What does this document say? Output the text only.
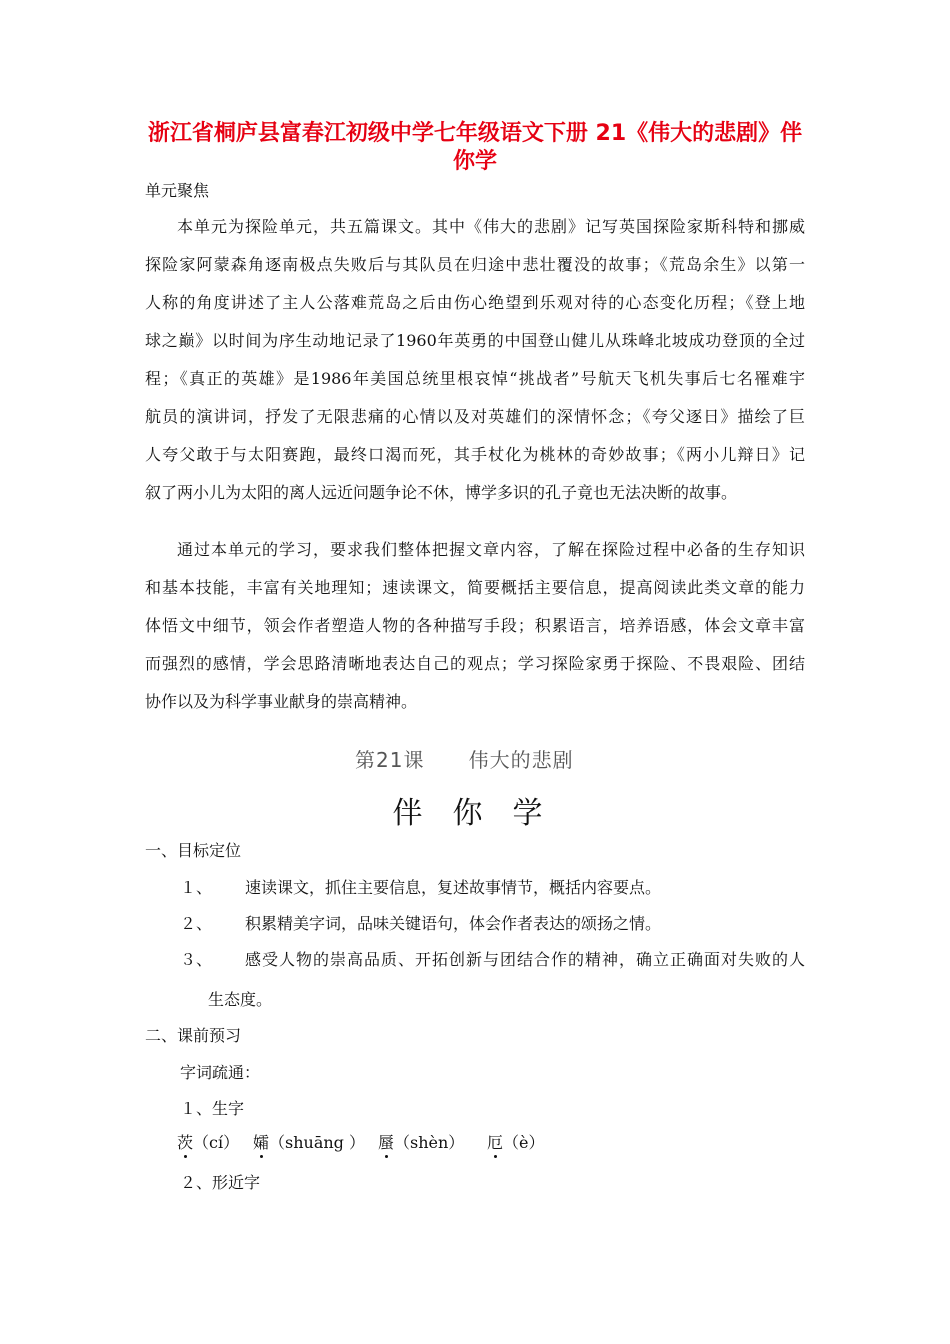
浙江省桐庐县富春江初级中学七年级语文下册 21《伟大的悲剧》伴
你学
单元聚焦
本单元为探险单元，共五篇课文。其中《伟大的悲剧》记写英国探险家斯科特和挪威
探险家阿蒙森角逐南极点失败后与其队员在归途中悲壮覆没的故事；《荒岛余生》以第一
人称的角度讲述了主人公落难荒岛之后由伤心绝望到乐观对待的心态变化历程；《登上地
球之巅》以时间为序生动地记录了1960年英勇的中国登山健儿从珠峰北坡成功登顶的全过
程；《真正的英雄》是1986年美国总统里根哀悼“挑战者”号航天飞机失事后七名罹难宇
航员的演讲词，抒发了无限悲痛的心情以及对英雄们的深情怀念；《夸父逐日》描绘了巨
人夸父敢于与太阳赛跑，最终口渴而死，其手杖化为桃林的奇妙故事；《两小儿辩日》记
叙了两小儿为太阳的离人远近问题争论不休，博学多识的孔子竟也无法决断的故事。
通过本单元的学习，要求我们整体把握文章内容，了解在探险过程中必备的生存知识
和基本技能，丰富有关地理知；速读课文，简要概括主要信息，提高阅读此类文章的能力
体悟文中细节，领会作者塑造人物的各种描写手段；积累语言，培养语感，体会文章丰富
而强烈的感情，学会思路清晰地表达自己的观点；学习探险家勇于探险、不畏艰险、团结
协作以及为科学事业献身的崇高精神。
第21课      伟大的悲剧
伴你学
一、目标定位
１、 速读课文，抓住主要信息，复述故事情节，概括内容要点。
２、 积累精美字词，品味关键语句，体会作者表达的颂扬之情。
３、 感受人物的崇高品质、开拓创新与团结合作的精神，确立正确面对失败的人
生态度。
二、课前预习
字词疏通：
１、生字
茨（cí） 孀（shuāng ） 蜃（shèn） 厄（è）
２、形近字
